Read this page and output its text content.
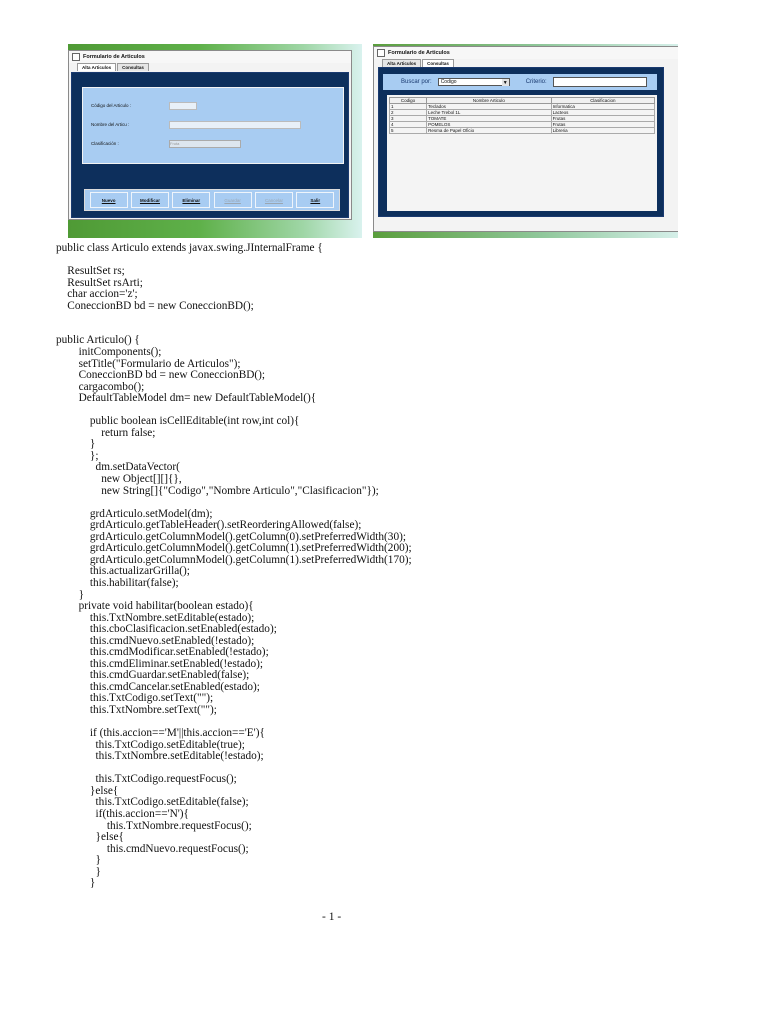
Formulario de Articulos
Alta Articulos	Consultas
Código del Articulo :
Nombre del Articu :
Clasificación :	Fruta
Nuevo	Modificar	Eliminar	Guardar	Cancelar	Salir
Formulario de Articulos
Alta Articulos	Consultas
Buscar por: Codigo	▼	Criterio:
Codigo	Nombre Articulo	Clasificacion
1	Teclados	Informatica
2	Leche Trebol 1L	Lacteos
3	TOMATE	Frutas
4	POMELOS	Frutas
5	Resma de Papel Oficio	Libreria
public class Articulo extends javax.swing.JInternalFrame {
ResultSet rs;
ResultSet rsArti;
char accion='z';
ConeccionBD bd = new ConeccionBD();
public Articulo() {
initComponents();
setTitle("Formulario de Articulos");
ConeccionBD bd = new ConeccionBD();
cargacombo();
DefaultTableModel dm= new DefaultTableModel(){
public boolean isCellEditable(int row,int col){
return false;
}
};
dm.setDataVector(
new Object[][]{},
new String[]{"Codigo","Nombre Articulo","Clasificacion"});
grdArticulo.setModel(dm);
grdArticulo.getTableHeader().setReorderingAllowed(false);
grdArticulo.getColumnModel().getColumn(0).setPreferredWidth(30);
grdArticulo.getColumnModel().getColumn(1).setPreferredWidth(200);
grdArticulo.getColumnModel().getColumn(1).setPreferredWidth(170);
this.actualizarGrilla();
this.habilitar(false);
}
private void habilitar(boolean estado){
this.TxtNombre.setEditable(estado);
this.cboClasificacion.setEnabled(estado);
this.cmdNuevo.setEnabled(!estado);
this.cmdModificar.setEnabled(!estado);
this.cmdEliminar.setEnabled(!estado);
this.cmdGuardar.setEnabled(false);
this.cmdCancelar.setEnabled(estado);
this.TxtCodigo.setText("");
this.TxtNombre.setText("");
if (this.accion=='M'||this.accion=='E'){
this.TxtCodigo.setEditable(true);
this.TxtNombre.setEditable(!estado);
this.TxtCodigo.requestFocus();
}else{
this.TxtCodigo.setEditable(false);
if(this.accion=='N'){
this.TxtNombre.requestFocus();
}else{
this.cmdNuevo.requestFocus();
}
}
}
- 1 -
